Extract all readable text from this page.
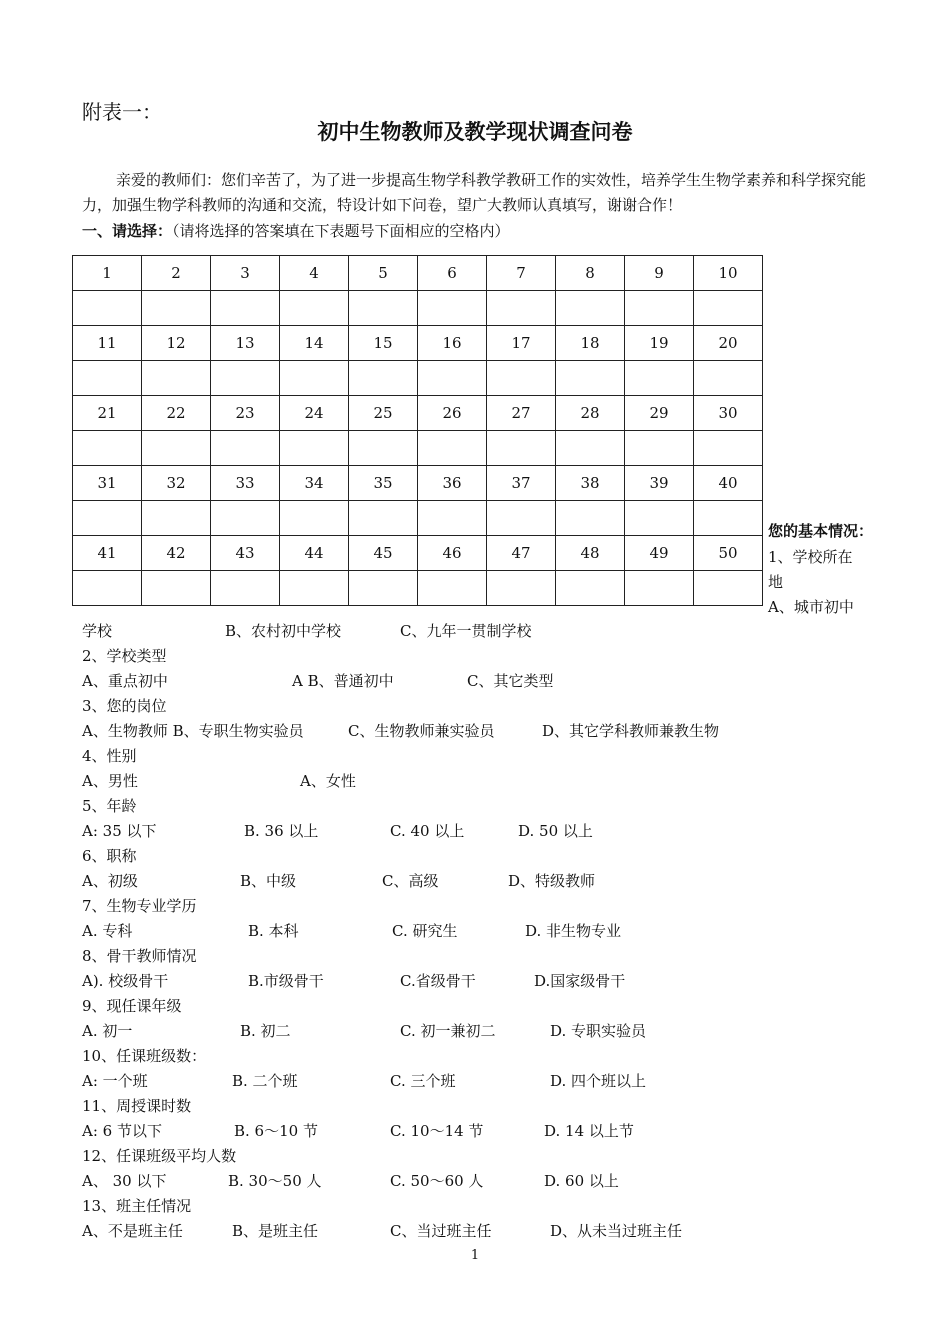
附表一：
初中生物教师及教学现状调查问卷
亲爱的教师们：您们辛苦了，为了进一步提高生物学科教学教研工作的实效性，培养学生生物学素养和科学探究能力，加强生物学科教师的沟通和交流，特设计如下问卷，望广大教师认真填写，谢谢合作！
一、请选择：（请将选择的答案填在下表题号下面相应的空格内）
1	2	3	4	5	6	7	8	9	10

11	12	13	14	15	16	17	18	19	20

21	22	23	24	25	26	27	28	29	30

31	32	33	34	35	36	37	38	39	40

41	42	43	44	45	46	47	48	49	50

您的基本情况：
1、学校所在
地
A、城市初中
学校	B、农村初中学校	C、九年一贯制学校
2、学校类型
A、重点初中	A B、普通初中	C、其它类型
3、您的岗位
A、生物教师 B、专职生物实验员	C、生物教师兼实验员	D、其它学科教师兼教生物
4、性别
A、男性	A、女性
5、年龄
A: 35 以下	B. 36 以上	C. 40 以上	D. 50 以上
6、职称
A、初级	B、中级	C、高级	D、特级教师
7、生物专业学历
A. 专科	B. 本科	C. 研究生	D. 非生物专业
8、骨干教师情况
A). 校级骨干	B.市级骨干	C.省级骨干	D.国家级骨干
9、现任课年级
A. 初一	B. 初二	C. 初一兼初二	D. 专职实验员
10、任课班级数：
A: 一个班	B. 二个班	C. 三个班	D. 四个班以上
11、周授课时数
A: 6 节以下	B. 6～10 节	C. 10～14 节	D. 14 以上节
12、任课班级平均人数
A、 30 以下	B. 30～50 人	C. 50～60 人	D. 60 以上
13、班主任情况
A、不是班主任	B、是班主任	C、当过班主任	D、从未当过班主任
1
